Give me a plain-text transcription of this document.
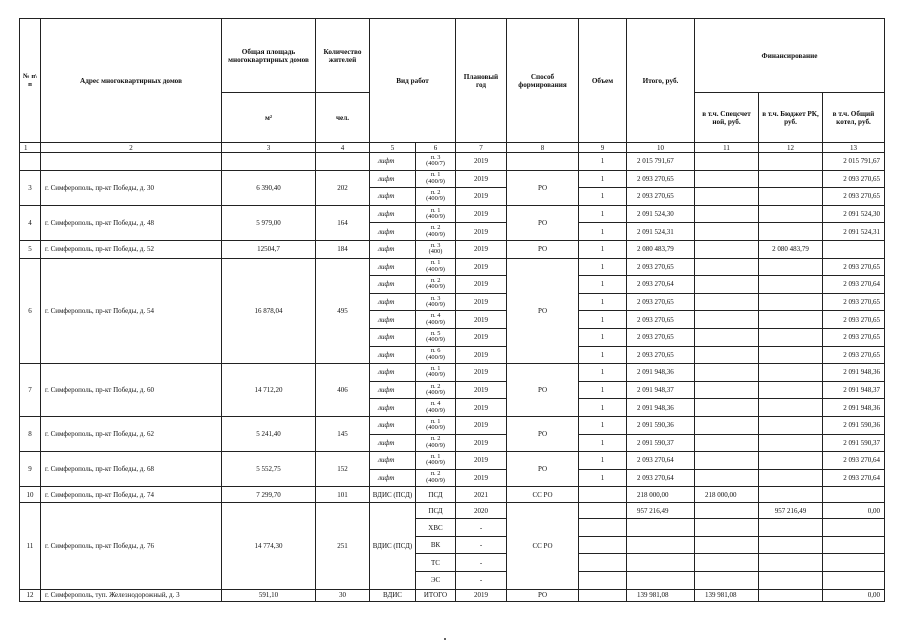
№ п\ п	Адрес многоквартирных домов	Общая площадь многоквартирных домов	Количество жителей	Вид работ		Плановый год	Способ формирования	Объем	Итого, руб.	Финансирование		
		м²	чел.							в т.ч. Спецсчет ной, руб.	в т.ч. Бюджет РК, руб.	в т.ч. Общий котел, руб.
1	2	3	4	5	6	7	8	9	10	11	12	13
				лифт	п. 3
(400/7)	2019		1	2 015 791,67			2 015 791,67
3	г. Симферополь, пр-кт Победы, д. 30	6 390,40	202	лифт	п. 1
(400/9)	2019	РО	1	2 093 270,65			2 093 270,65
				лифт	п. 2
(400/9)	2019		1	2 093 270,65			2 093 270,65
4	г. Симферополь, пр-кт Победы, д. 48	5 979,00	164	лифт	п. 1
(400/9)	2019	РО	1	2 091 524,30			2 091 524,30
				лифт	п. 2
(400/9)	2019		1	2 091 524,31			2 091 524,31
5	г. Симферополь, пр-кт Победы, д. 52	12504,7	184	лифт	п. 3
(400)	2019	РО	1	2 080 483,79		2 080 483,79	
6	г. Симферополь, пр-кт Победы, д. 54	16 878,04	495	лифт	п. 1
(400/9)	2019	РО	1	2 093 270,65			2 093 270,65
				лифт	п. 2
(400/9)	2019		1	2 093 270,64			2 093 270,64
				лифт	п. 3
(400/9)	2019		1	2 093 270,65			2 093 270,65
				лифт	п. 4
(400/9)	2019		1	2 093 270,65			2 093 270,65
				лифт	п. 5
(400/9)	2019		1	2 093 270,65			2 093 270,65
				лифт	п. 6
(400/9)	2019		1	2 093 270,65			2 093 270,65
7	г. Симферополь, пр-кт Победы, д. 60	14 712,20	406	лифт	п. 1
(400/9)	2019	РО	1	2 091 948,36			2 091 948,36
				лифт	п. 2
(400/9)	2019		1	2 091 948,37			2 091 948,37
				лифт	п. 4
(400/9)	2019		1	2 091 948,36			2 091 948,36
8	г. Симферополь, пр-кт Победы, д. 62	5 241,40	145	лифт	п. 1
(400/9)	2019	РО	1	2 091 590,36			2 091 590,36
				лифт	п. 2
(400/9)	2019		1	2 091 590,37			2 091 590,37
9	г. Симферополь, пр-кт Победы, д. 68	5 552,75	152	лифт	п. 1
(400/9)	2019	РО	1	2 093 270,64			2 093 270,64
				лифт	п. 2
(400/9)	2019		1	2 093 270,64			2 093 270,64
10	г. Симферополь, пр-кт Победы, д. 74	7 299,70	101	ВДИС (ПСД)	ПСД	2021	СС РО		218 000,00	218 000,00		
11	г. Симферополь, пр-кт Победы, д. 76	14 774,30	251	ВДИС (ПСД)	ПСД	2020	СС РО		957 216,49		957 216,49	0,00
					ХВС	-						
					ВК	-						
					ТС	-						
					ЭС	-						
12	г. Симферополь, туп. Железнодорожный, д. 3	591,10	30	ВДИС	ИТОГО	2019	РО		139 981,08	139 981,08		0,00
